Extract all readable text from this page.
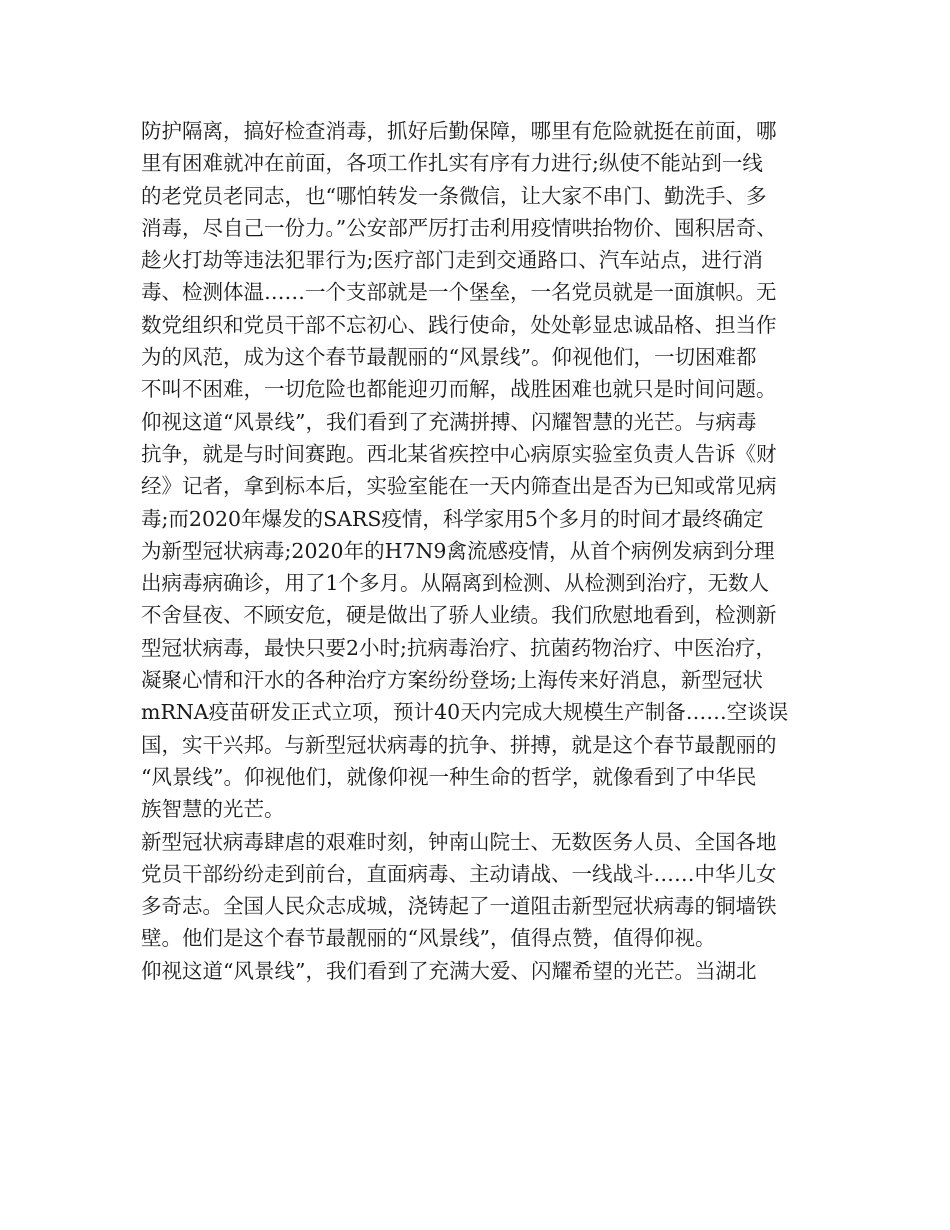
防护隔离，搞好检查消毒，抓好后勤保障，哪里有危险就挺在前面，哪
里有困难就冲在前面，各项工作扎实有序有力进行;纵使不能站到一线
的老党员老同志，也“哪怕转发一条微信，让大家不串门、勤洗手、多
消毒，尽自己一份力。”公安部严厉打击利用疫情哄抬物价、囤积居奇、
趁火打劫等违法犯罪行为;医疗部门走到交通路口、汽车站点，进行消
毒、检测体温……一个支部就是一个堡垒，一名党员就是一面旗帜。无
数党组织和党员干部不忘初心、践行使命，处处彰显忠诚品格、担当作
为的风范，成为这个春节最靓丽的“风景线”。仰视他们，一切困难都
不叫不困难，一切危险也都能迎刃而解，战胜困难也就只是时间问题。
仰视这道“风景线”，我们看到了充满拼搏、闪耀智慧的光芒。与病毒
抗争，就是与时间赛跑。西北某省疾控中心病原实验室负责人告诉《财
经》记者，拿到标本后，实验室能在一天内筛查出是否为已知或常见病
毒;而2020年爆发的SARS疫情，科学家用5个多月的时间才最终确定
为新型冠状病毒;2020年的H7N9禽流感疫情，从首个病例发病到分理
出病毒病确诊，用了1个多月。从隔离到检测、从检测到治疗，无数人
不舍昼夜、不顾安危，硬是做出了骄人业绩。我们欣慰地看到，检测新
型冠状病毒，最快只要2小时;抗病毒治疗、抗菌药物治疗、中医治疗，
凝聚心情和汗水的各种治疗方案纷纷登场;上海传来好消息，新型冠状
mRNA疫苗研发正式立项，预计40天内完成大规模生产制备……空谈误
国，实干兴邦。与新型冠状病毒的抗争、拼搏，就是这个春节最靓丽的
“风景线”。仰视他们，就像仰视一种生命的哲学，就像看到了中华民
族智慧的光芒。
新型冠状病毒肆虐的艰难时刻，钟南山院士、无数医务人员、全国各地
党员干部纷纷走到前台，直面病毒、主动请战、一线战斗……中华儿女
多奇志。全国人民众志成城，浇铸起了一道阻击新型冠状病毒的铜墙铁
壁。他们是这个春节最靓丽的“风景线”，值得点赞，值得仰视。
仰视这道“风景线”，我们看到了充满大爱、闪耀希望的光芒。当湖北
